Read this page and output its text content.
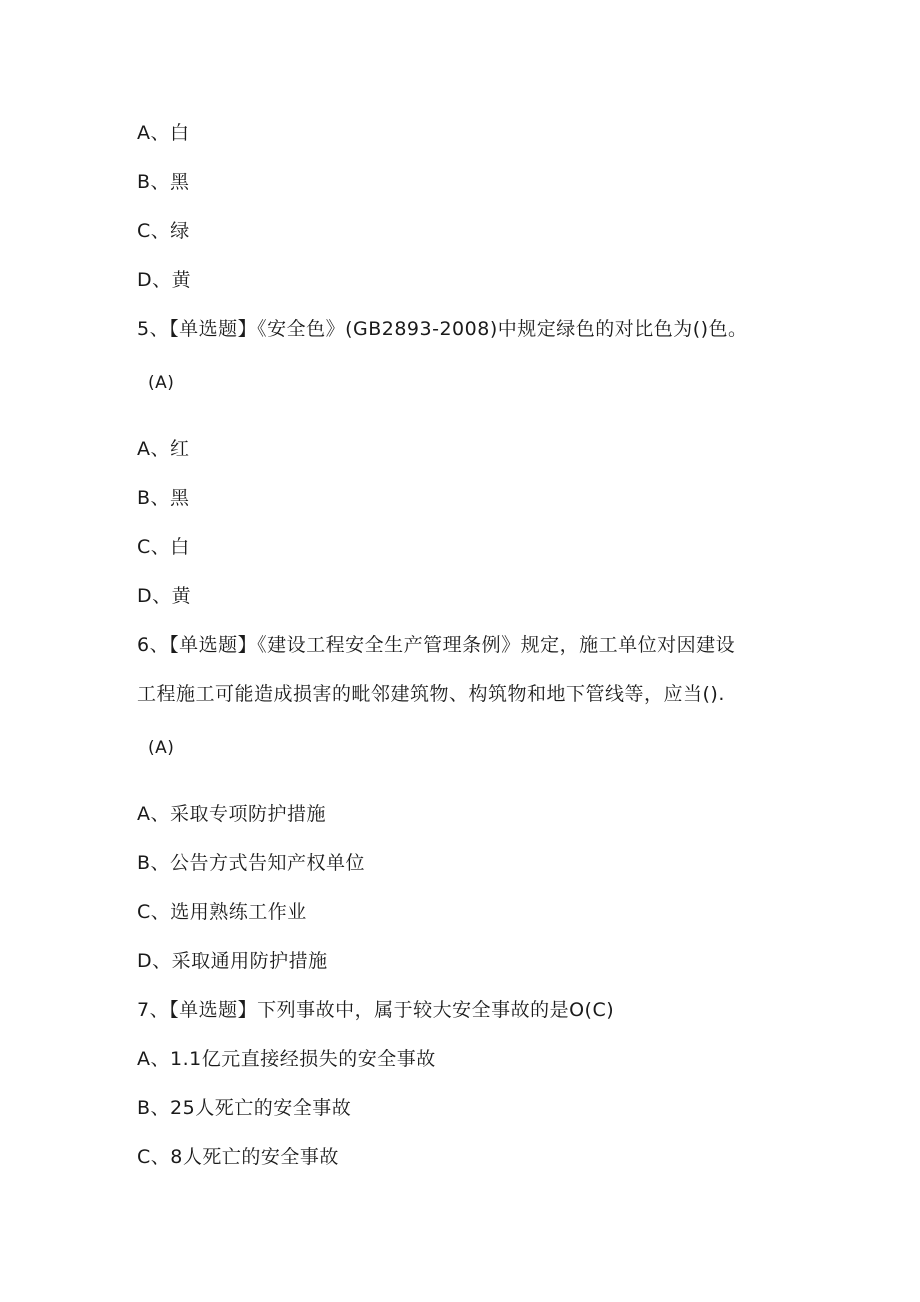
A、白
B、黑
C、绿
D、黄
5、【单选题】《安全色》(GB2893-2008)中规定绿色的对比色为()色。
(A)
A、红
B、黑
C、白
D、黄
6、【单选题】《建设工程安全生产管理条例》规定，施工单位对因建设
工程施工可能造成损害的毗邻建筑物、构筑物和地下管线等，应当().
(A)
A、采取专项防护措施
B、公告方式告知产权单位
C、选用熟练工作业
D、采取通用防护措施
7、【单选题】下列事故中，属于较大安全事故的是O(C)
A、1.1亿元直接经损失的安全事故
B、25人死亡的安全事故
C、8人死亡的安全事故
